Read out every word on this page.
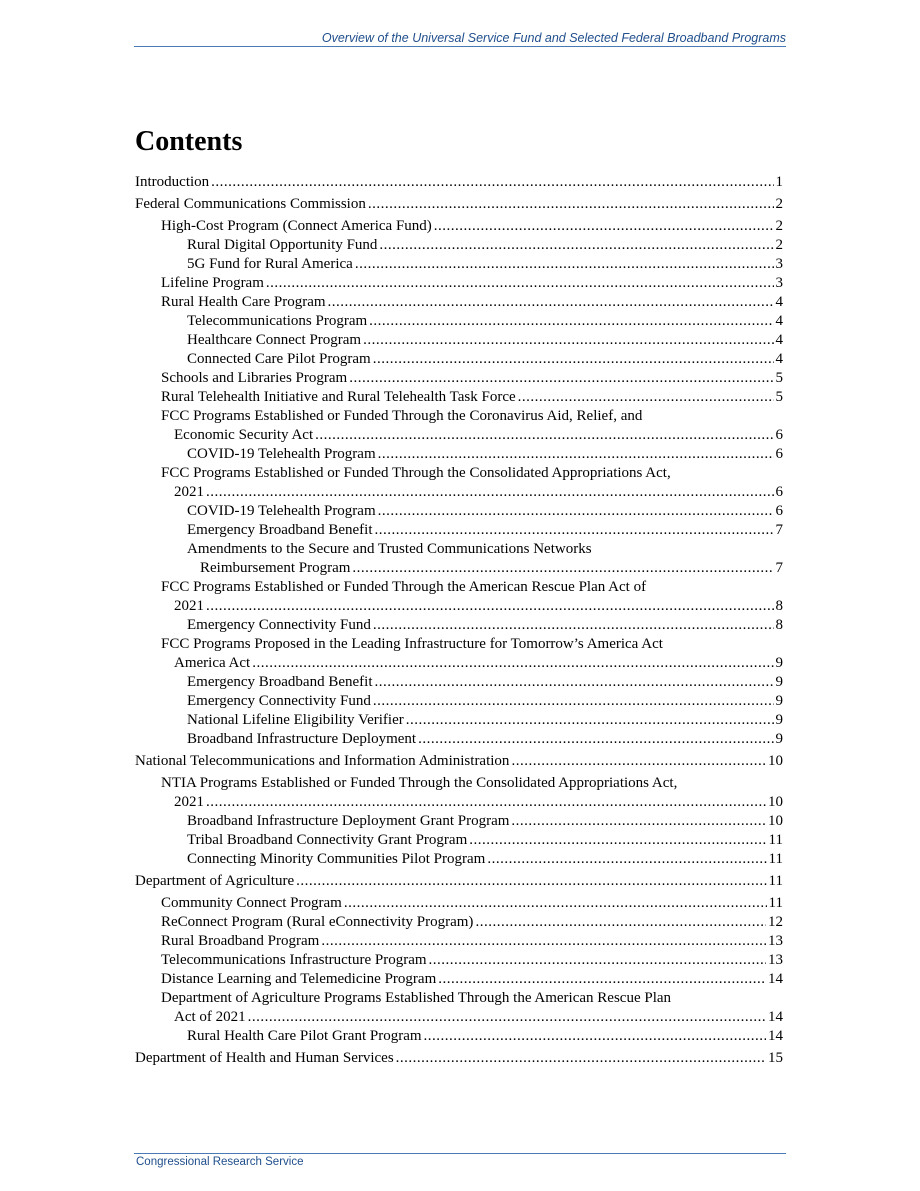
Overview of the Universal Service Fund and Selected Federal Broadband Programs
Contents
Introduction .....	1
Federal Communications Commission .....	2
High-Cost Program (Connect America Fund) .....	2
Rural Digital Opportunity Fund .....	2
5G Fund for Rural America .....	3
Lifeline Program .....	3
Rural Health Care Program .....	4
Telecommunications Program .....	4
Healthcare Connect Program .....	4
Connected Care Pilot Program .....	4
Schools and Libraries Program .....	5
Rural Telehealth Initiative and Rural Telehealth Task Force .....	5
FCC Programs Established or Funded Through the Coronavirus Aid, Relief, and
Economic Security Act .....	6
COVID-19 Telehealth Program .....	6
FCC Programs Established or Funded Through the Consolidated Appropriations Act,
2021 .....	6
COVID-19 Telehealth Program .....	6
Emergency Broadband Benefit .....	7
Amendments to the Secure and Trusted Communications Networks
Reimbursement Program .....	7
FCC Programs Established or Funded Through the American Rescue Plan Act of
2021 .....	8
Emergency Connectivity Fund .....	8
FCC Programs Proposed in the Leading Infrastructure for Tomorrow’s America Act
America Act .....	9
Emergency Broadband Benefit .....	9
Emergency Connectivity Fund .....	9
National Lifeline Eligibility Verifier .....	9
Broadband Infrastructure Deployment .....	9
National Telecommunications and Information Administration .....	10
NTIA Programs Established or Funded Through the Consolidated Appropriations Act,
2021 .....	10
Broadband Infrastructure Deployment Grant Program .....	10
Tribal Broadband Connectivity Grant Program .....	11
Connecting Minority Communities Pilot Program .....	11
Department of Agriculture .....	11
Community Connect Program .....	11
ReConnect Program (Rural eConnectivity Program) .....	12
Rural Broadband Program .....	13
Telecommunications Infrastructure Program .....	13
Distance Learning and Telemedicine Program .....	14
Department of Agriculture Programs Established Through the American Rescue Plan
Act of 2021 .....	14
Rural Health Care Pilot Grant Program .....	14
Department of Health and Human Services .....	15
Congressional Research Service
